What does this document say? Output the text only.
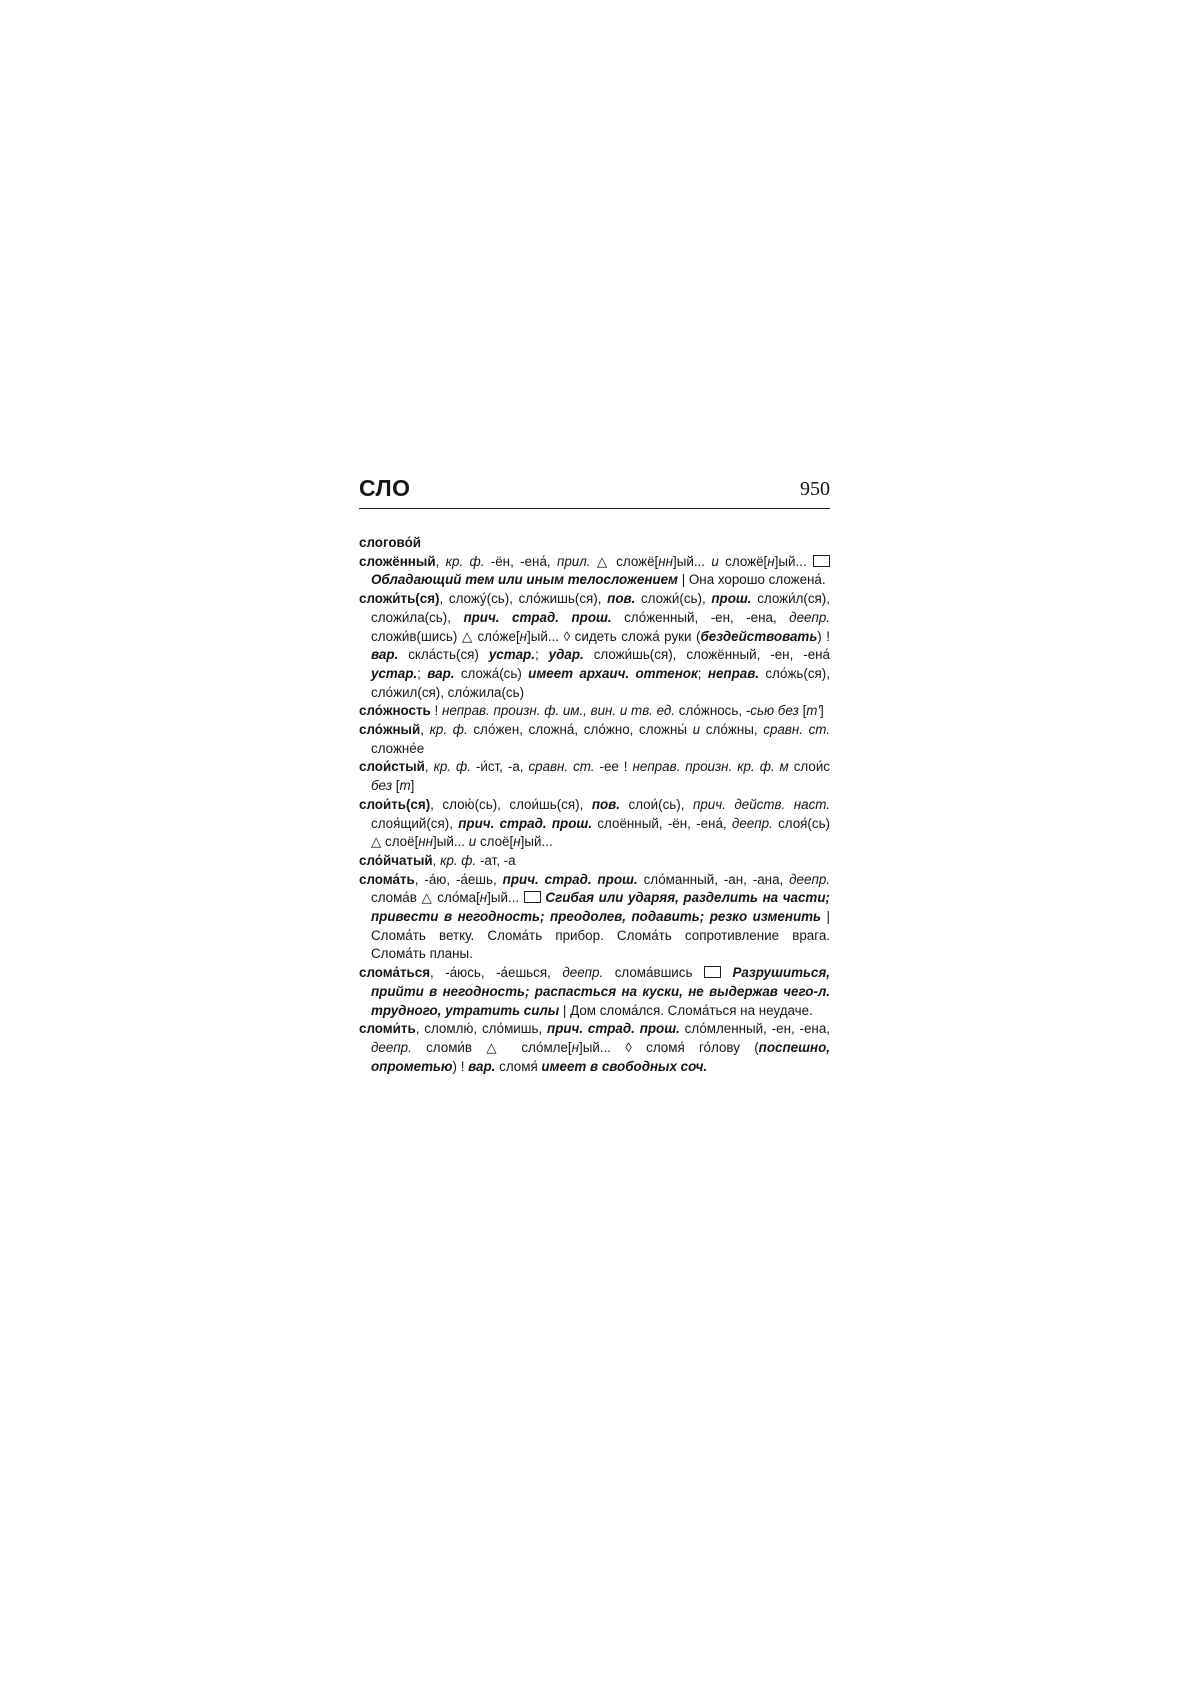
СЛО	950

слогово́й

сложённый, кр. ф. -ён, -ена́, прил. △ сложё[нн]ый... и сложё[н]ый...  Обладающий тем или иным телосложением | Она хорошо сложена́.

сложи́ть(ся), сложу́(сь), сло́жишь(ся), пов. сложи́(сь), прош. сложи́л(ся), сложи́ла(сь), прич. страд. прош. сло́женный, -ен, -ена, деепр. сложи́в(шись) △ сло́же[н]ый... ◊ сидеть сложа́ руки (бездействовать) ! вар. скла́сть(ся) устар.; удар. сложи́шь(ся), сложённый, -ен, -ена́ устар.; вар. сложа́(сь) имеет архаич. оттенок; неправ. сло́жь(ся), сло́жил(ся), сло́жила(сь)

сло́жность ! неправ. произн. ф. им., вин. и тв. ед. сло́жнось, -сью без [т']

сло́жный, кр. ф. сло́жен, сложна́, сло́жно, сложны́ и сло́жны, сравн. ст. сложне́е

слои́стый, кр. ф. -и́ст, -а, сравн. ст. -ее ! неправ. произн. кр. ф. м слои́с без [т]

слои́ть(ся), слою́(сь), слои́шь(ся), пов. слои́(сь), прич. действ. наст. слоя́щий(ся), прич. страд. прош. слоённый, -ён, -ена́, деепр. слоя́(сь) △ слоё[нн]ый... и слоё[н]ый...

сло́йчатый, кр. ф. -ат, -а

слома́ть, -а́ю, -а́ешь, прич. страд. прош. сло́манный, -ан, -ана, деепр. слома́в △ сло́ма[н]ый...  Сгибая или ударяя, разделить на части; привести в негодность; преодолев, подавить; резко изменить | Слома́ть ветку. Слома́ть прибор. Слома́ть сопротивление врага. Слома́ть планы.

слома́ться, -а́юсь, -а́ешься, деепр. слома́вшись  Разрушиться, прийти в негодность; распасться на куски, не выдержав чего-л. трудного, утратить силы | Дом слома́лся. Слома́ться на неудаче.

сломи́ть, сломлю́, сло́мишь, прич. страд. прош. сло́мленный, -ен, -ена, деепр. сломи́в △ сло́мле[н]ый... ◊ сломя́ го́лову (поспешно, опрометью) ! вар. сломя́ имеет в свободных соч.
